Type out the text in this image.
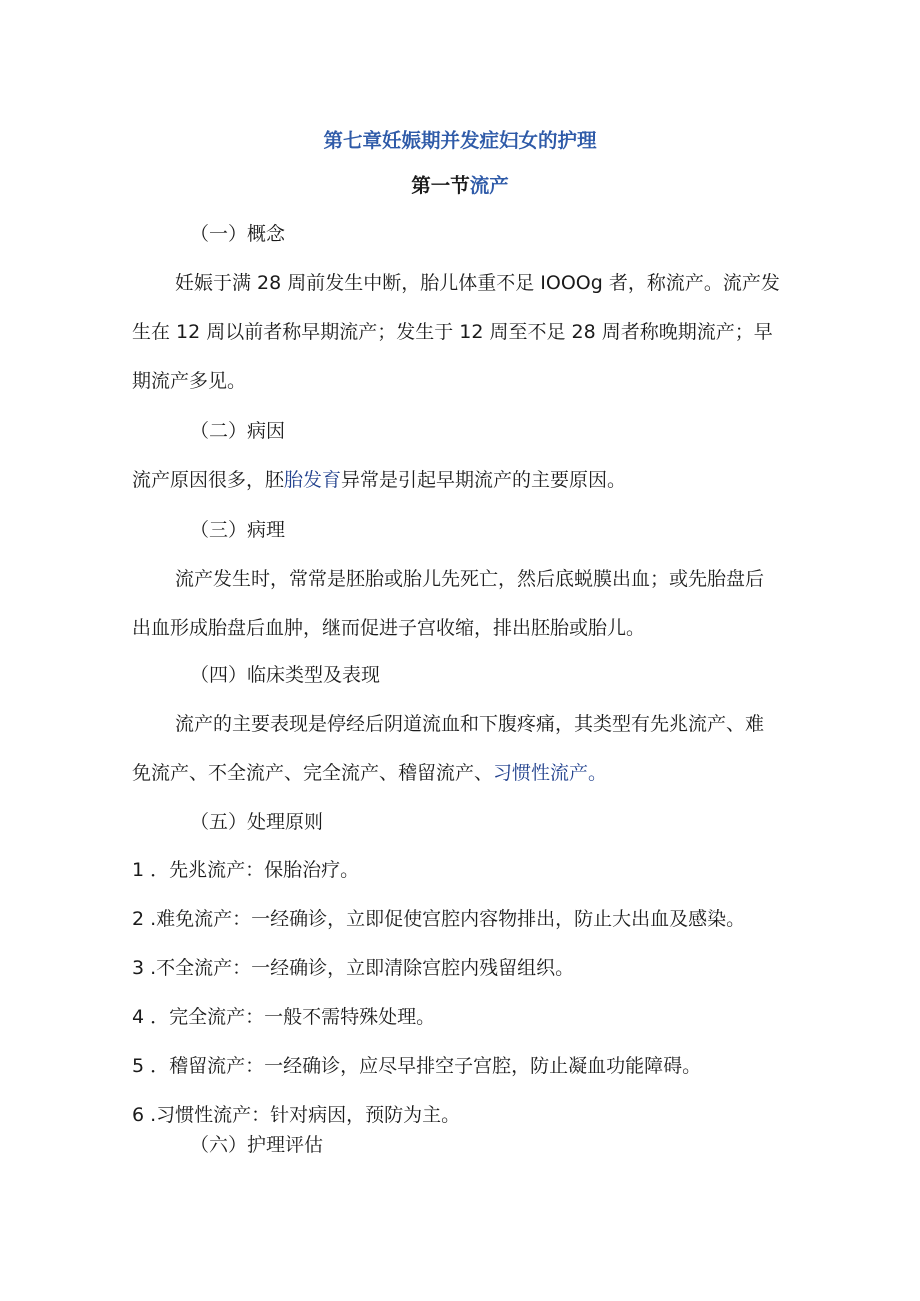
第七章妊娠期并发症妇女的护理
第一节流产
（一）概念
妊娠于满 28 周前发生中断，胎儿体重不足 IOOOg 者，称流产。流产发
生在 12 周以前者称早期流产；发生于 12 周至不足 28 周者称晚期流产；早
期流产多见。
（二）病因
流产原因很多，胚胎发育异常是引起早期流产的主要原因。
（三）病理
流产发生时，常常是胚胎或胎儿先死亡，然后底蜕膜出血；或先胎盘后
出血形成胎盘后血肿，继而促进子宫收缩，排出胚胎或胎儿。
（四）临床类型及表现
流产的主要表现是停经后阴道流血和下腹疼痛，其类型有先兆流产、难
免流产、不全流产、完全流产、稽留流产、习惯性流产。
（五）处理原则
1 ．先兆流产：保胎治疗。
2 .难免流产：一经确诊，立即促使宫腔内容物排出，防止大出血及感染。
3 .不全流产：一经确诊，立即清除宫腔内残留组织。
4 ．完全流产：一般不需特殊处理。
5 ．稽留流产：一经确诊，应尽早排空子宫腔，防止凝血功能障碍。
6 .习惯性流产：针对病因，预防为主。
（六）护理评估
